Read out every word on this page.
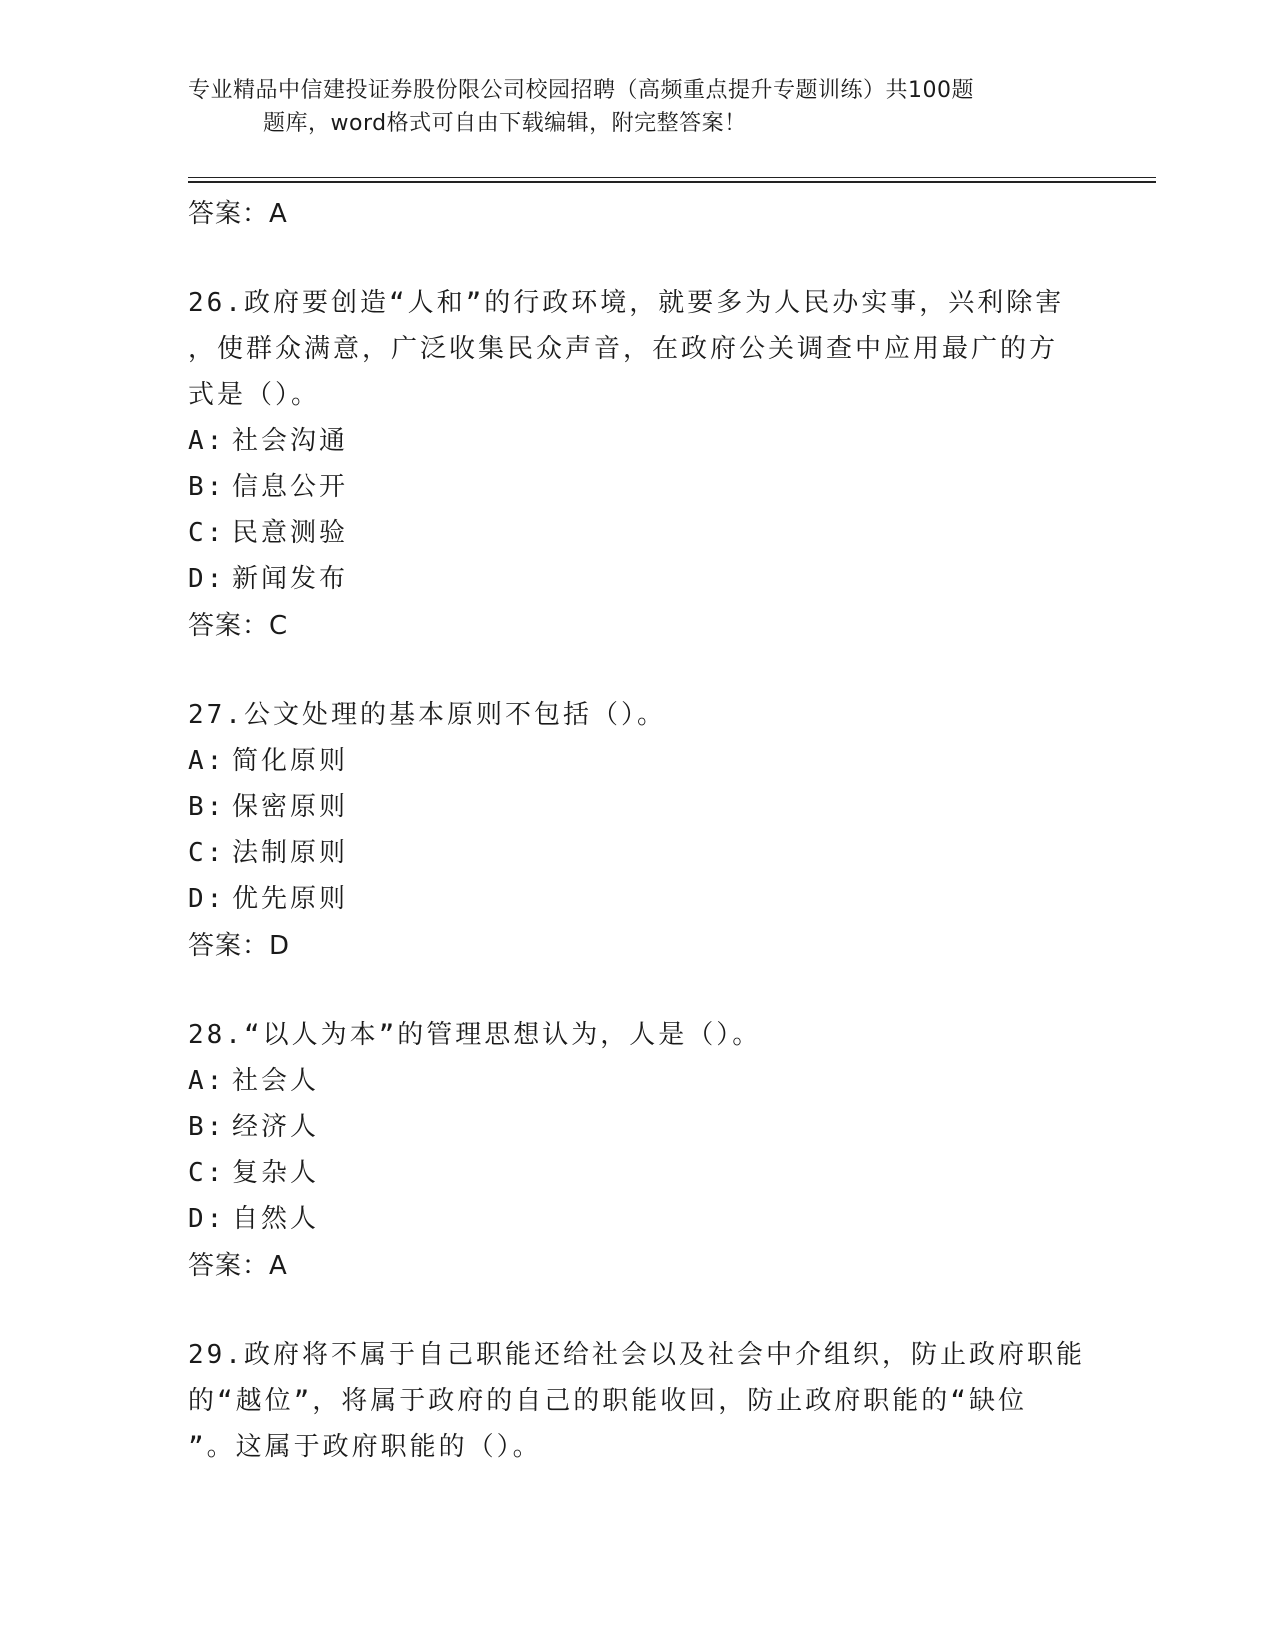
专业精品中信建投证券股份限公司校园招聘（高频重点提升专题训练）共100题
题库，word格式可自由下载编辑，附完整答案！
答案：A
26.政府要创造“人和”的行政环境，就要多为人民办实事，兴利除害
，使群众满意，广泛收集民众声音，在政府公关调查中应用最广的方
式是（）。
A: 社会沟通
B: 信息公开
C: 民意测验
D: 新闻发布
答案：C
27.公文处理的基本原则不包括（）。
A: 简化原则
B: 保密原则
C: 法制原则
D: 优先原则
答案：D
28.“以人为本”的管理思想认为，人是（）。
A: 社会人
B: 经济人
C: 复杂人
D: 自然人
答案：A
29.政府将不属于自己职能还给社会以及社会中介组织，防止政府职能
的“越位”，将属于政府的自己的职能收回，防止政府职能的“缺位
”。这属于政府职能的（）。
